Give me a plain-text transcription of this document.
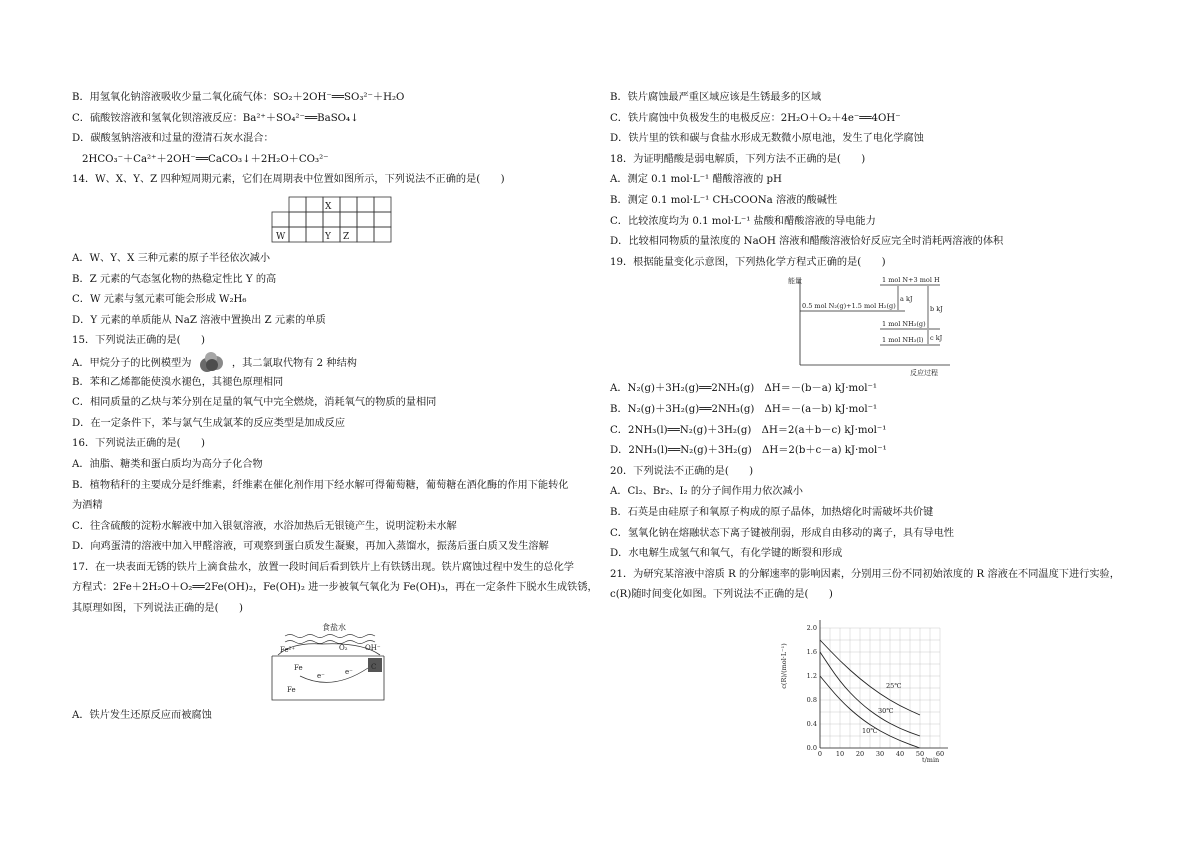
B．用氢氧化钠溶液吸收少量二氧化硫气体：SO₂＋2OH⁻══SO₃²⁻＋H₂O
C．硫酸铵溶液和氢氧化钡溶液反应：Ba²⁺＋SO₄²⁻══BaSO₄↓
D．碳酸氢钠溶液和过量的澄清石灰水混合：
2HCO₃⁻＋Ca²⁺＋2OH⁻══CaCO₃↓＋2H₂O＋CO₃²⁻
14．W、X、Y、Z 四种短周期元素，它们在周期表中位置如图所示，下列说法不正确的是(　　)
X
W	Y Z
A．W、Y、X 三种元素的原子半径依次减小
B．Z 元素的气态氢化物的热稳定性比 Y 的高
C．W 元素与氢元素可能会形成 W₂H₆
D．Y 元素的单质能从 NaZ 溶液中置换出 Z 元素的单质
15．下列说法正确的是(　　)
A．甲烷分子的比例模型为	，其二氯取代物有 2 种结构
B．苯和乙烯都能使溴水褪色，其褪色原理相同
C．相同质量的乙炔与苯分别在足量的氧气中完全燃烧，消耗氧气的物质的量相同
D．在一定条件下，苯与氯气生成氯苯的反应类型是加成反应
16．下列说法正确的是(　　)
A．油脂、糖类和蛋白质均为高分子化合物
B．植物秸秆的主要成分是纤维素，纤维素在催化剂作用下经水解可得葡萄糖，葡萄糖在酒化酶的作用下能转化
为酒精
C．往含硫酸的淀粉水解液中加入银氨溶液，水浴加热后无银镜产生，说明淀粉未水解
D．向鸡蛋清的溶液中加入甲醛溶液，可观察到蛋白质发生凝聚，再加入蒸馏水，振荡后蛋白质又发生溶解
17．在一块表面无锈的铁片上滴食盐水，放置一段时间后看到铁片上有铁锈出现。铁片腐蚀过程中发生的总化学
方程式：2Fe＋2H₂O＋O₂══2Fe(OH)₂，Fe(OH)₂ 进一步被氧气氧化为 Fe(OH)₃，再在一定条件下脱水生成铁锈，
其原理如图，下列说法正确的是(　　)
食盐水
Fe²⁺	O₂ OH⁻
C
Fe
e⁻	e⁻
Fe
A．铁片发生还原反应而被腐蚀
B．铁片腐蚀最严重区域应该是生锈最多的区域
C．铁片腐蚀中负极发生的电极反应：2H₂O＋O₂＋4e⁻══4OH⁻
D．铁片里的铁和碳与食盐水形成无数微小原电池，发生了电化学腐蚀
18．为证明醋酸是弱电解质，下列方法不正确的是(　　)
A．测定 0.1 mol·L⁻¹ 醋酸溶液的 pH
B．测定 0.1 mol·L⁻¹ CH₃COONa 溶液的酸碱性
C．比较浓度均为 0.1 mol·L⁻¹ 盐酸和醋酸溶液的导电能力
D．比较相同物质的量浓度的 NaOH 溶液和醋酸溶液恰好反应完全时消耗两溶液的体积
19．根据能量变化示意图，下列热化学方程式正确的是(　　)
能量
反应过程
1 mol N+3 mol H
0.5 mol N₂(g)+1.5 mol H₂(g)
1 mol NH₃(g)
1 mol NH₃(l)
a kJ
b kJ
c kJ
A．N₂(g)＋3H₂(g)══2NH₃(g)　ΔH＝－(b－a) kJ·mol⁻¹
B．N₂(g)＋3H₂(g)══2NH₃(g)　ΔH＝－(a－b) kJ·mol⁻¹
C．2NH₃(l)══N₂(g)＋3H₂(g)　ΔH＝2(a＋b－c) kJ·mol⁻¹
D．2NH₃(l)══N₂(g)＋3H₂(g)　ΔH＝2(b＋c－a) kJ·mol⁻¹
20．下列说法不正确的是(　　)
A．Cl₂、Br₂、I₂ 的分子间作用力依次减小
B．石英是由硅原子和氧原子构成的原子晶体，加热熔化时需破坏共价键
C．氢氧化钠在熔融状态下离子键被削弱，形成自由移动的离子，具有导电性
D．水电解生成氢气和氧气，有化学键的断裂和形成
21．为研究某溶液中溶质 R 的分解速率的影响因素，分别用三份不同初始浓度的 R 溶液在不同温度下进行实验，
c(R)随时间变化如图。下列说法不正确的是(　　)
0 10 20 30 40 50 60
0.0
0.4
0.8
1.2
1.6
2.0
25℃
30℃
10℃
c(R)/(mol·L⁻¹)
t/min
